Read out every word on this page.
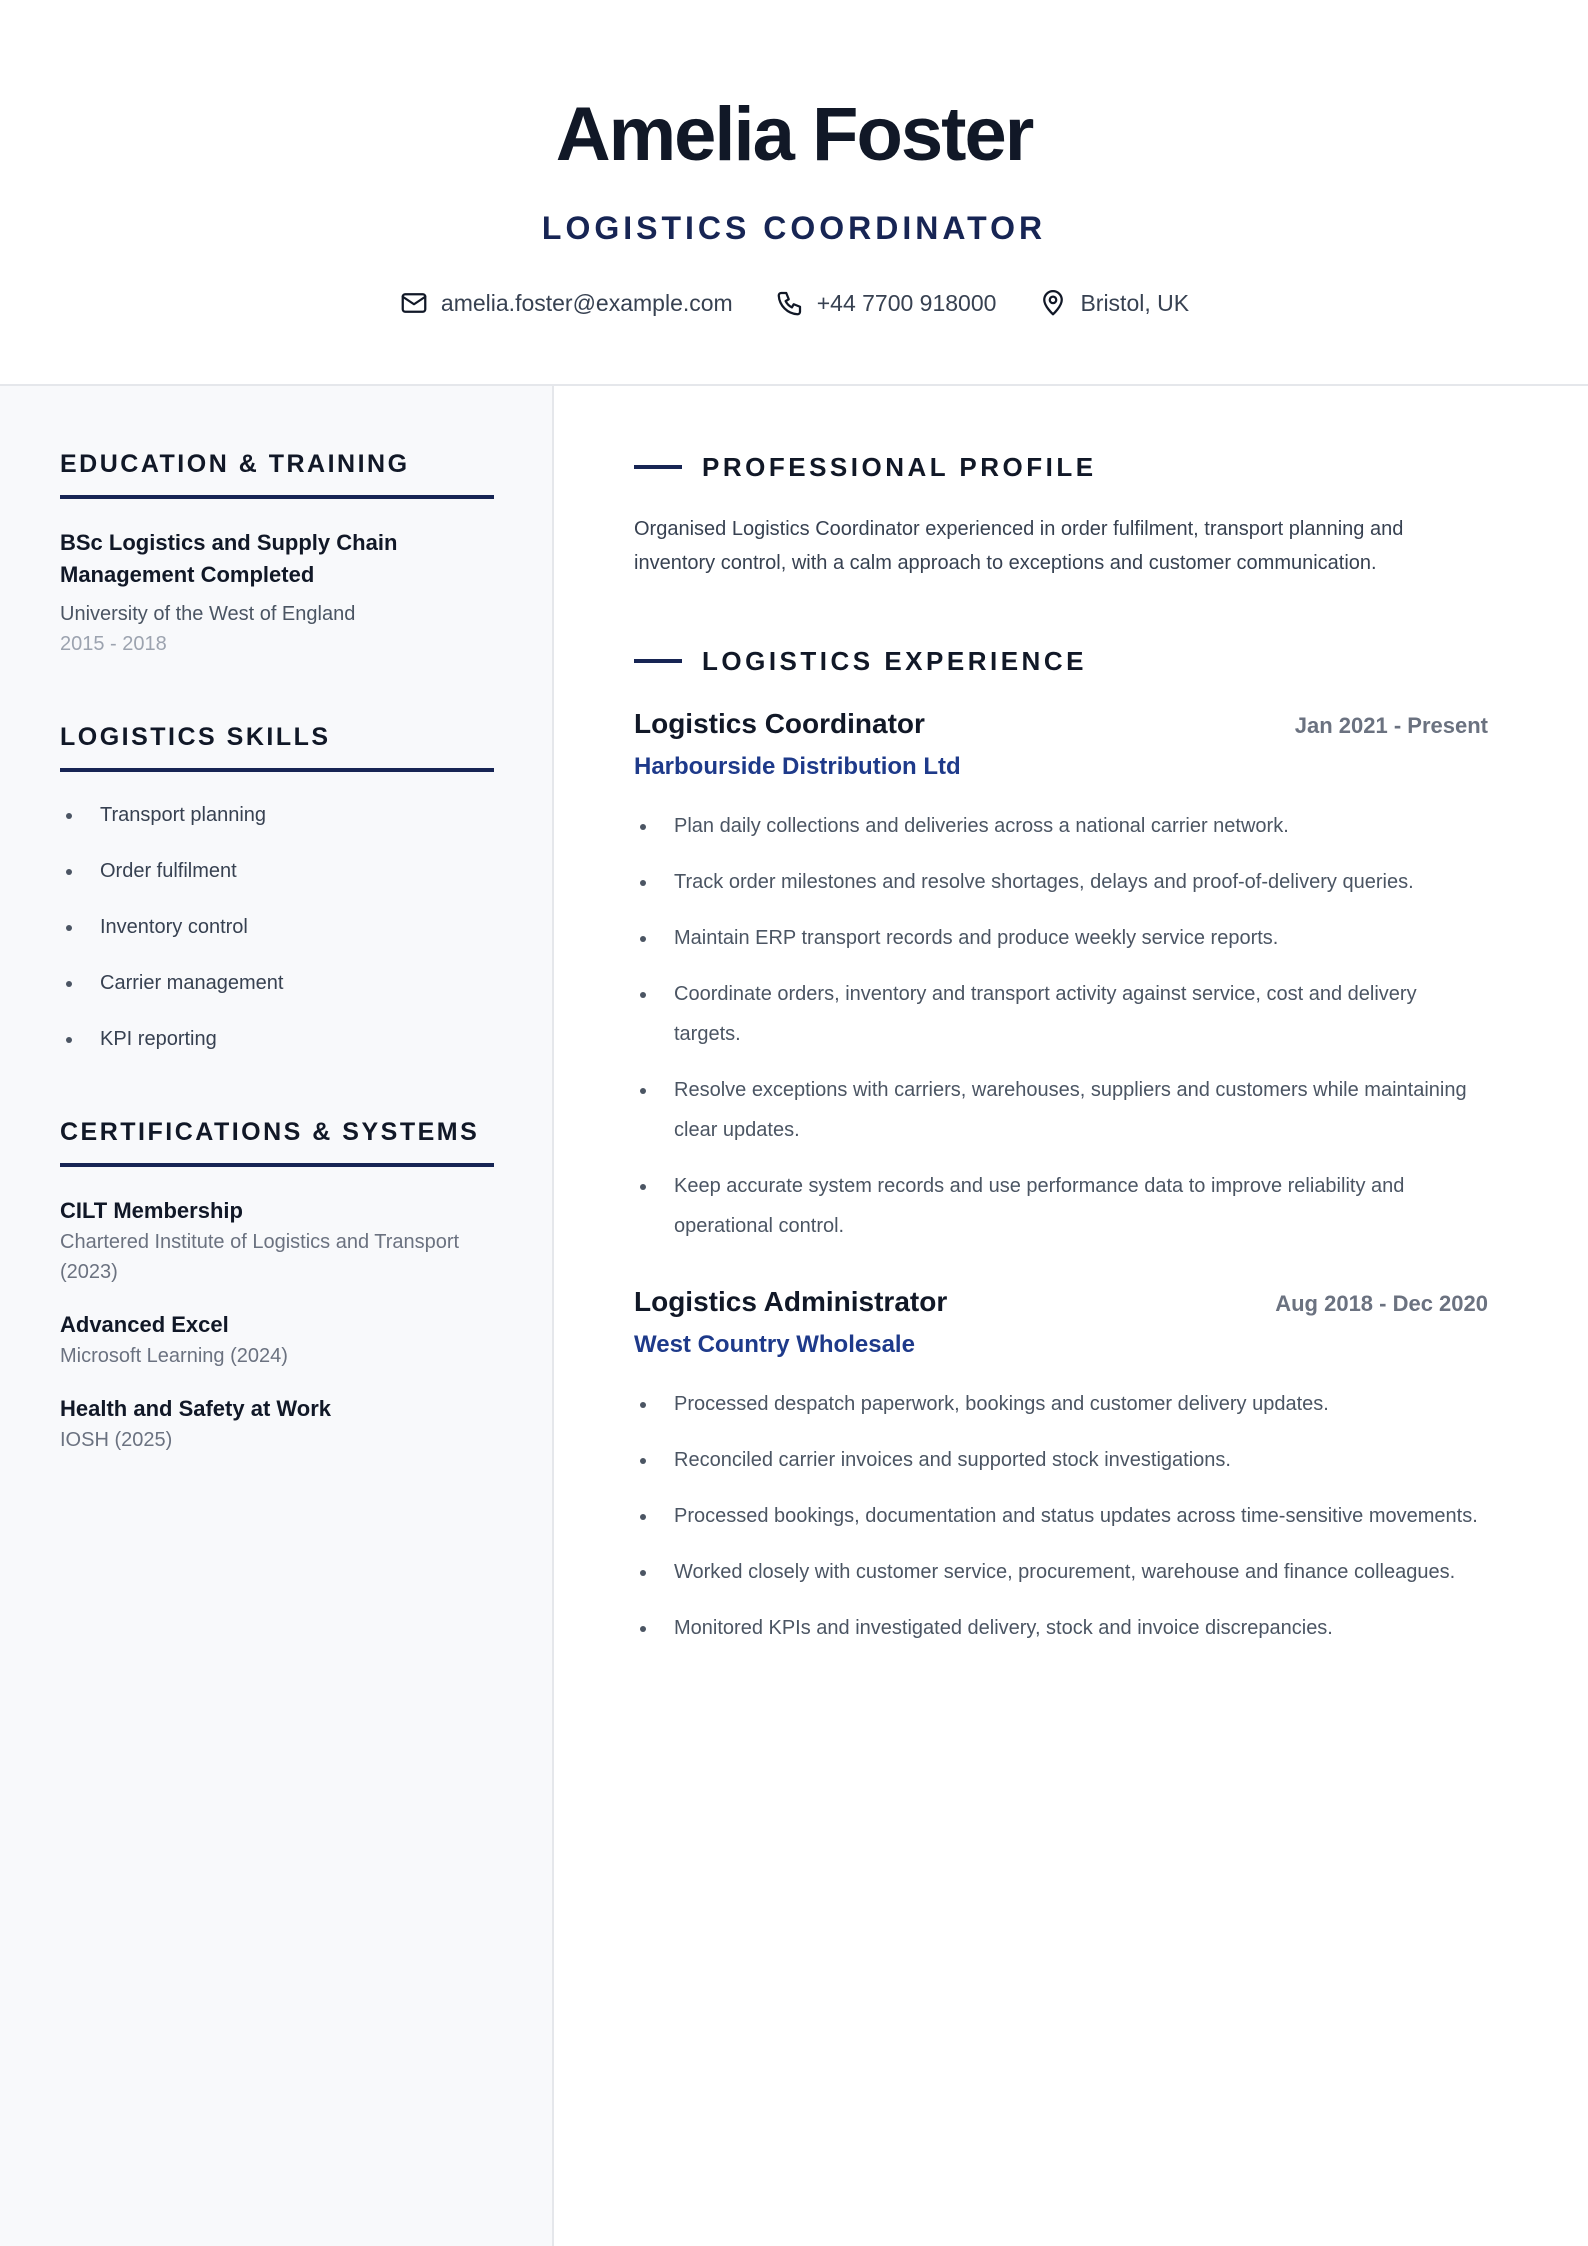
Amelia Foster
LOGISTICS COORDINATOR
amelia.foster@example.com	+44 7700 918000	Bristol, UK
EDUCATION & TRAINING
BSc Logistics and Supply Chain Management Completed
University of the West of England
2015 - 2018
LOGISTICS SKILLS
Transport planning
Order fulfilment
Inventory control
Carrier management
KPI reporting
CERTIFICATIONS & SYSTEMS
CILT Membership
Chartered Institute of Logistics and Transport (2023)
Advanced Excel
Microsoft Learning (2024)
Health and Safety at Work
IOSH (2025)
PROFESSIONAL PROFILE

Organised Logistics Coordinator experienced in order fulfilment, transport planning and inventory control, with a calm approach to exceptions and customer communication.

LOGISTICS EXPERIENCE
Logistics Coordinator	Jan 2021 - Present
Harbourside Distribution Ltd
Plan daily collections and deliveries across a national carrier network.
Track order milestones and resolve shortages, delays and proof-of-delivery queries.
Maintain ERP transport records and produce weekly service reports.
Coordinate orders, inventory and transport activity against service, cost and delivery targets.
Resolve exceptions with carriers, warehouses, suppliers and customers while maintaining clear updates.
Keep accurate system records and use performance data to improve reliability and operational control.
Logistics Administrator	Aug 2018 - Dec 2020
West Country Wholesale
Processed despatch paperwork, bookings and customer delivery updates.
Reconciled carrier invoices and supported stock investigations.
Processed bookings, documentation and status updates across time-sensitive movements.
Worked closely with customer service, procurement, warehouse and finance colleagues.
Monitored KPIs and investigated delivery, stock and invoice discrepancies.
